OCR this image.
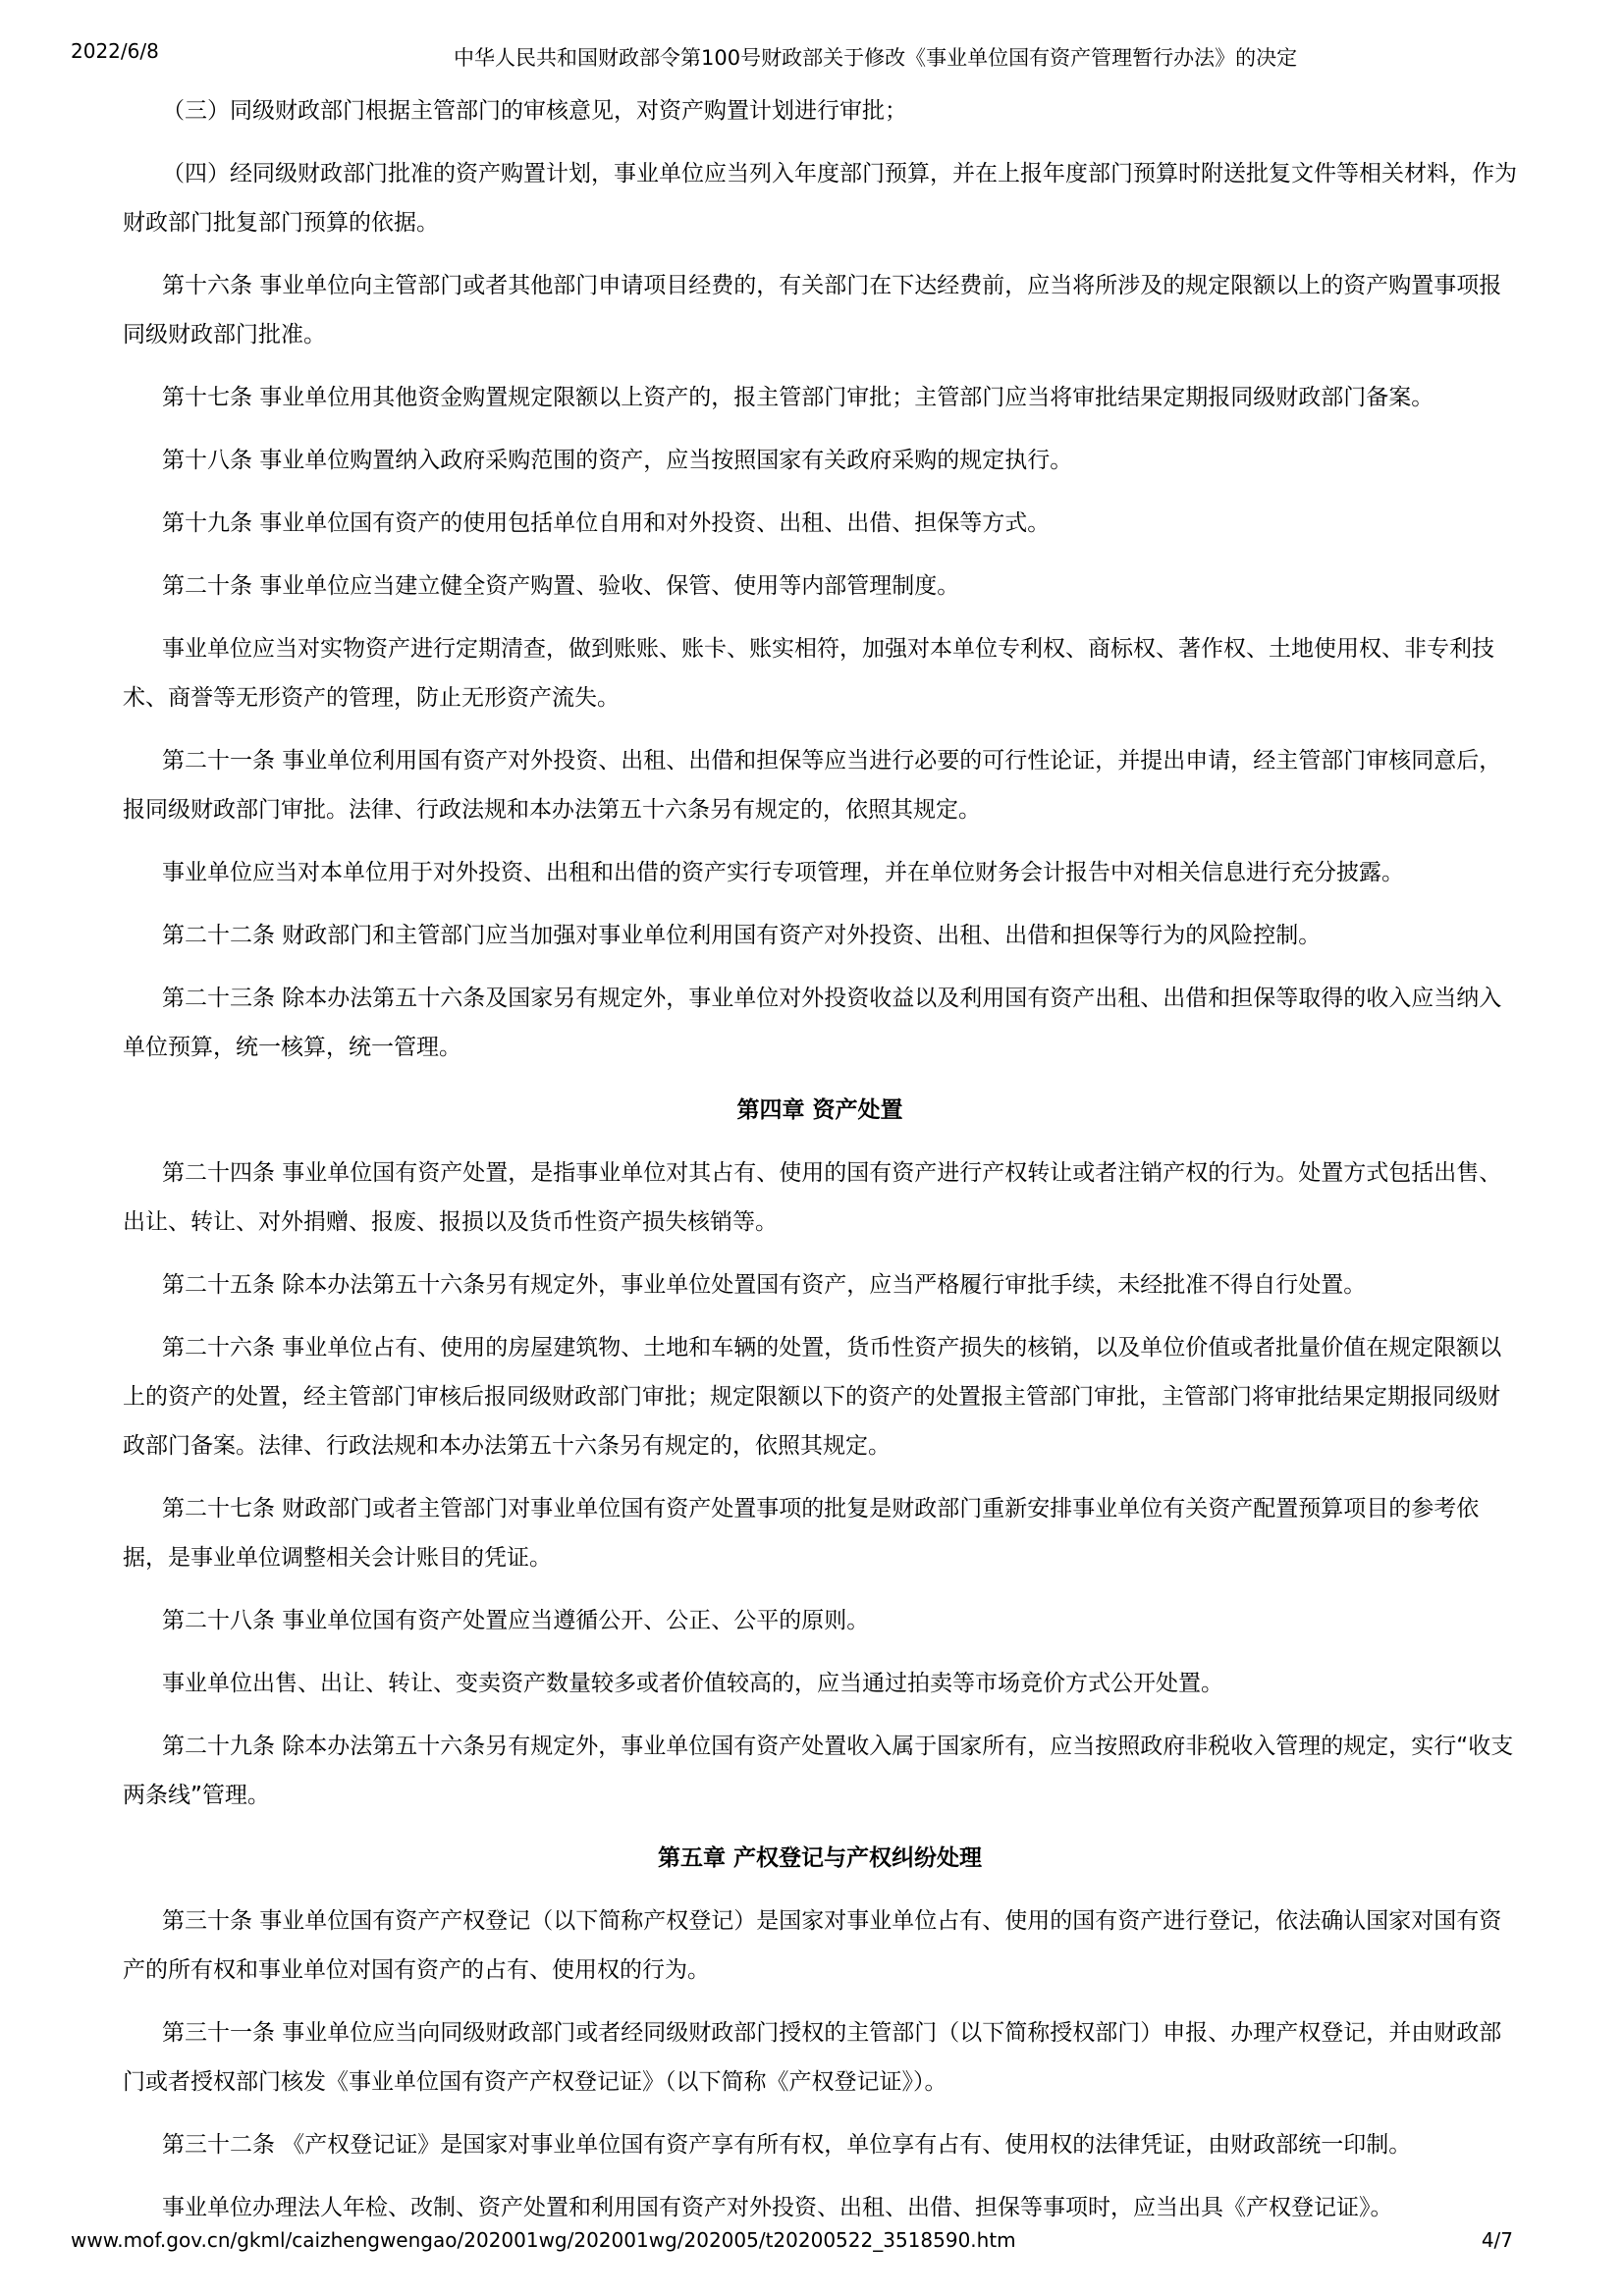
2022/6/8	中华人民共和国财政部令第100号财政部关于修改《事业单位国有资产管理暂行办法》的决定
（三）同级财政部门根据主管部门的审核意见，对资产购置计划进行审批；
（四）经同级财政部门批准的资产购置计划，事业单位应当列入年度部门预算，并在上报年度部门预算时附送批复文件等相关材料，作为财政部门批复部门预算的依据。
第十六条 事业单位向主管部门或者其他部门申请项目经费的，有关部门在下达经费前，应当将所涉及的规定限额以上的资产购置事项报同级财政部门批准。
第十七条 事业单位用其他资金购置规定限额以上资产的，报主管部门审批；主管部门应当将审批结果定期报同级财政部门备案。
第十八条 事业单位购置纳入政府采购范围的资产，应当按照国家有关政府采购的规定执行。
第十九条 事业单位国有资产的使用包括单位自用和对外投资、出租、出借、担保等方式。
第二十条 事业单位应当建立健全资产购置、验收、保管、使用等内部管理制度。
事业单位应当对实物资产进行定期清查，做到账账、账卡、账实相符，加强对本单位专利权、商标权、著作权、土地使用权、非专利技术、商誉等无形资产的管理，防止无形资产流失。
第二十一条 事业单位利用国有资产对外投资、出租、出借和担保等应当进行必要的可行性论证，并提出申请，经主管部门审核同意后，报同级财政部门审批。法律、行政法规和本办法第五十六条另有规定的，依照其规定。
事业单位应当对本单位用于对外投资、出租和出借的资产实行专项管理，并在单位财务会计报告中对相关信息进行充分披露。
第二十二条 财政部门和主管部门应当加强对事业单位利用国有资产对外投资、出租、出借和担保等行为的风险控制。
第二十三条 除本办法第五十六条及国家另有规定外，事业单位对外投资收益以及利用国有资产出租、出借和担保等取得的收入应当纳入单位预算，统一核算，统一管理。
第四章 资产处置
第二十四条 事业单位国有资产处置，是指事业单位对其占有、使用的国有资产进行产权转让或者注销产权的行为。处置方式包括出售、出让、转让、对外捐赠、报废、报损以及货币性资产损失核销等。
第二十五条 除本办法第五十六条另有规定外，事业单位处置国有资产，应当严格履行审批手续，未经批准不得自行处置。
第二十六条 事业单位占有、使用的房屋建筑物、土地和车辆的处置，货币性资产损失的核销，以及单位价值或者批量价值在规定限额以上的资产的处置，经主管部门审核后报同级财政部门审批；规定限额以下的资产的处置报主管部门审批，主管部门将审批结果定期报同级财政部门备案。法律、行政法规和本办法第五十六条另有规定的，依照其规定。
第二十七条 财政部门或者主管部门对事业单位国有资产处置事项的批复是财政部门重新安排事业单位有关资产配置预算项目的参考依据，是事业单位调整相关会计账目的凭证。
第二十八条 事业单位国有资产处置应当遵循公开、公正、公平的原则。
事业单位出售、出让、转让、变卖资产数量较多或者价值较高的，应当通过拍卖等市场竞价方式公开处置。
第二十九条 除本办法第五十六条另有规定外，事业单位国有资产处置收入属于国家所有，应当按照政府非税收入管理的规定，实行“收支两条线”管理。
第五章 产权登记与产权纠纷处理
第三十条 事业单位国有资产产权登记（以下简称产权登记）是国家对事业单位占有、使用的国有资产进行登记，依法确认国家对国有资产的所有权和事业单位对国有资产的占有、使用权的行为。
第三十一条 事业单位应当向同级财政部门或者经同级财政部门授权的主管部门（以下简称授权部门）申报、办理产权登记，并由财政部门或者授权部门核发《事业单位国有资产产权登记证》（以下简称《产权登记证》）。
第三十二条 《产权登记证》是国家对事业单位国有资产享有所有权，单位享有占有、使用权的法律凭证，由财政部统一印制。
事业单位办理法人年检、改制、资产处置和利用国有资产对外投资、出租、出借、担保等事项时，应当出具《产权登记证》。
www.mof.gov.cn/gkml/caizhengwengao/202001wg/202001wg/202005/t20200522_3518590.htm	4/7
